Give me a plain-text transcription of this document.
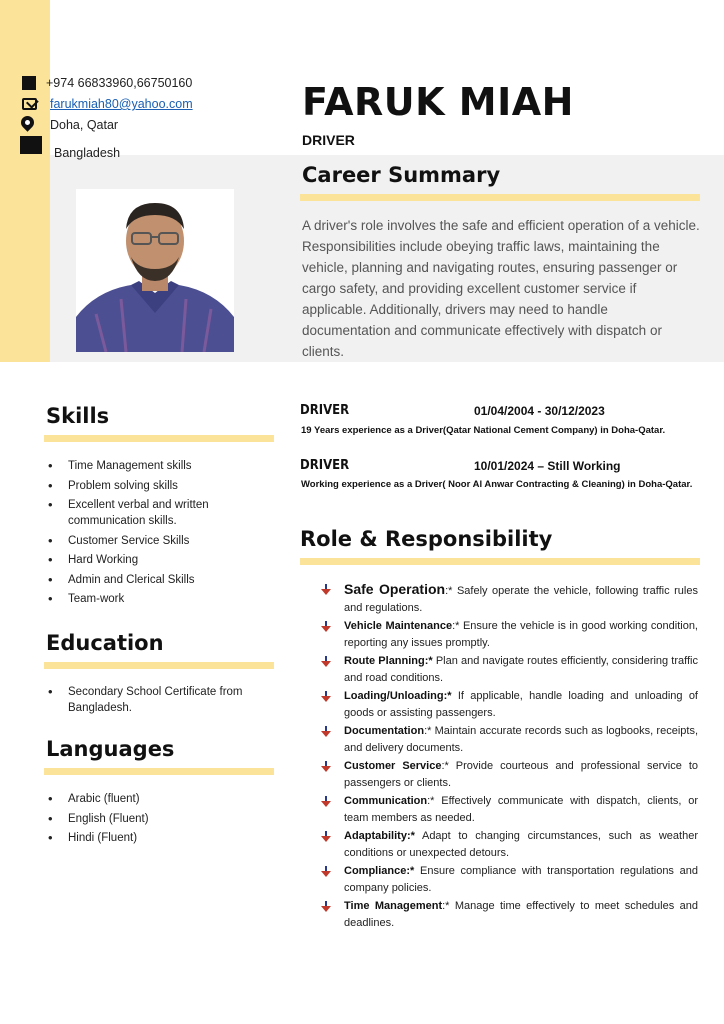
+974 66833960,66750160
farukmiah80@yahoo.com
Doha, Qatar
Bangladesh
FARUK MIAH
DRIVER
Career Summary
A driver's role involves the safe and efficient operation of a vehicle. Responsibilities include obeying traffic laws, maintaining the vehicle, planning and navigating routes, ensuring passenger or cargo safety, and providing excellent customer service if applicable. Additionally, drivers may need to handle documentation and communicate effectively with dispatch or clients.
Skills
• Time Management skills
• Problem solving skills
• Excellent verbal and written communication skills.
• Customer Service Skills
• Hard Working
• Admin and Clerical Skills
• Team-work
Education
• Secondary School Certificate from Bangladesh.
Languages
• Arabic (fluent)
• English (Fluent)
• Hindi (Fluent)
DRIVER	01/04/2004 - 30/12/2023
19 Years experience as a Driver(Qatar National Cement Company) in Doha-Qatar.
DRIVER	10/01/2024 – Still Working
Working experience as a Driver( Noor Al Anwar Contracting & Cleaning) in Doha-Qatar.
Role & Responsibility
Safe Operation:* Safely operate the vehicle, following traffic rules and regulations.
Vehicle Maintenance:* Ensure the vehicle is in good working condition, reporting any issues promptly.
Route Planning:* Plan and navigate routes efficiently, considering traffic and road conditions.
Loading/Unloading:* If applicable, handle loading and unloading of goods or assisting passengers.
Documentation:* Maintain accurate records such as logbooks, receipts, and delivery documents.
Customer Service:* Provide courteous and professional service to passengers or clients.
Communication:* Effectively communicate with dispatch, clients, or team members as needed.
Adaptability:* Adapt to changing circumstances, such as weather conditions or unexpected detours.
Compliance:* Ensure compliance with transportation regulations and company policies.
Time Management:* Manage time effectively to meet schedules and deadlines.
